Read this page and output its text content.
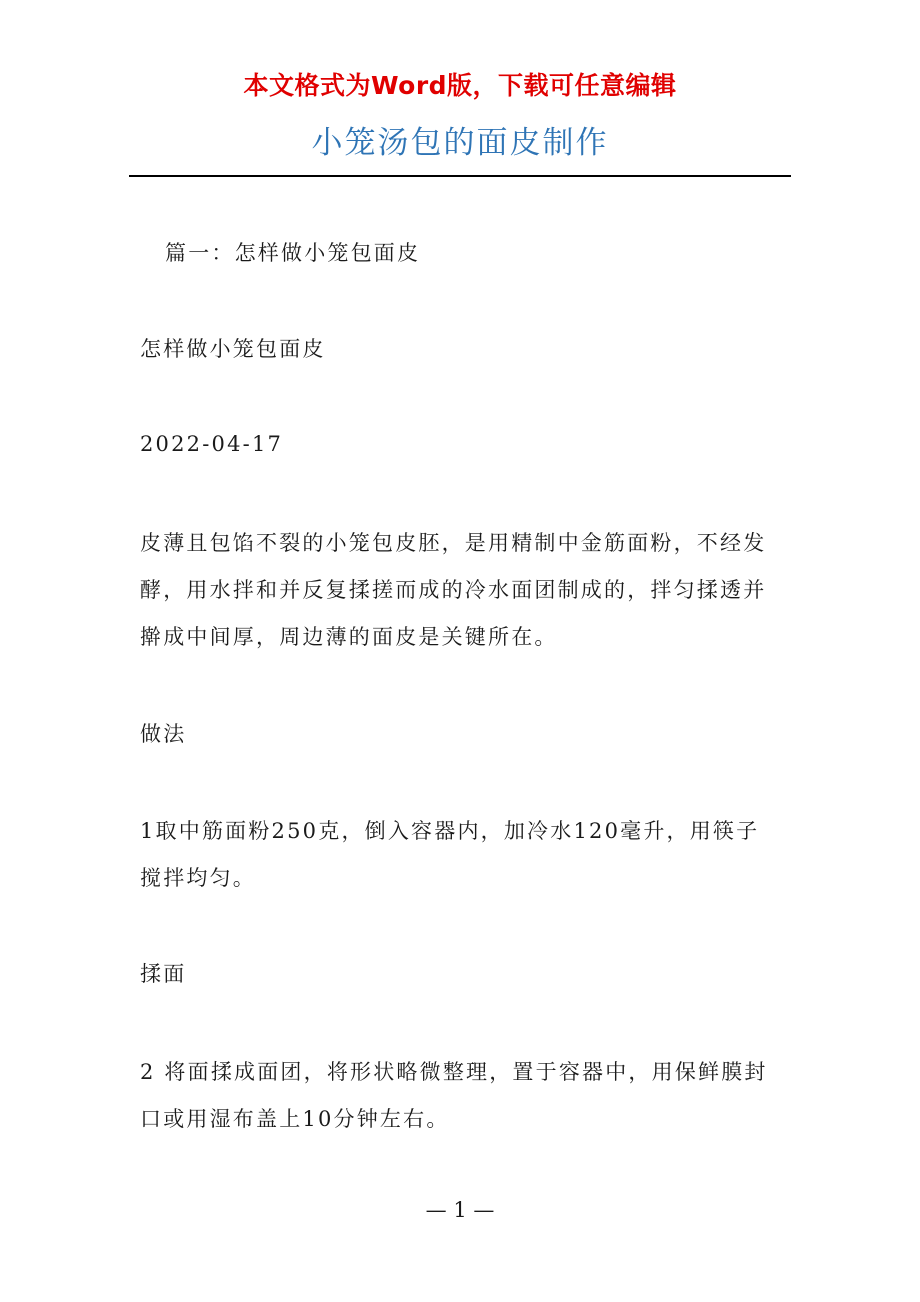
本文格式为Word版，下载可任意编辑
小笼汤包的面皮制作

篇一：怎样做小笼包面皮

怎样做小笼包面皮

2022-04-17

皮薄且包馅不裂的小笼包皮胚，是用精制中金筋面粉，不经发酵，用水拌和并反复揉搓而成的冷水面团制成的，拌匀揉透并擀成中间厚，周边薄的面皮是关键所在。

做法

1取中筋面粉250克，倒入容器内，加冷水120毫升，用筷子搅拌均匀。

揉面

2 将面揉成面团，将形状略微整理，置于容器中，用保鲜膜封口或用湿布盖上10分钟左右。

— 1 —
